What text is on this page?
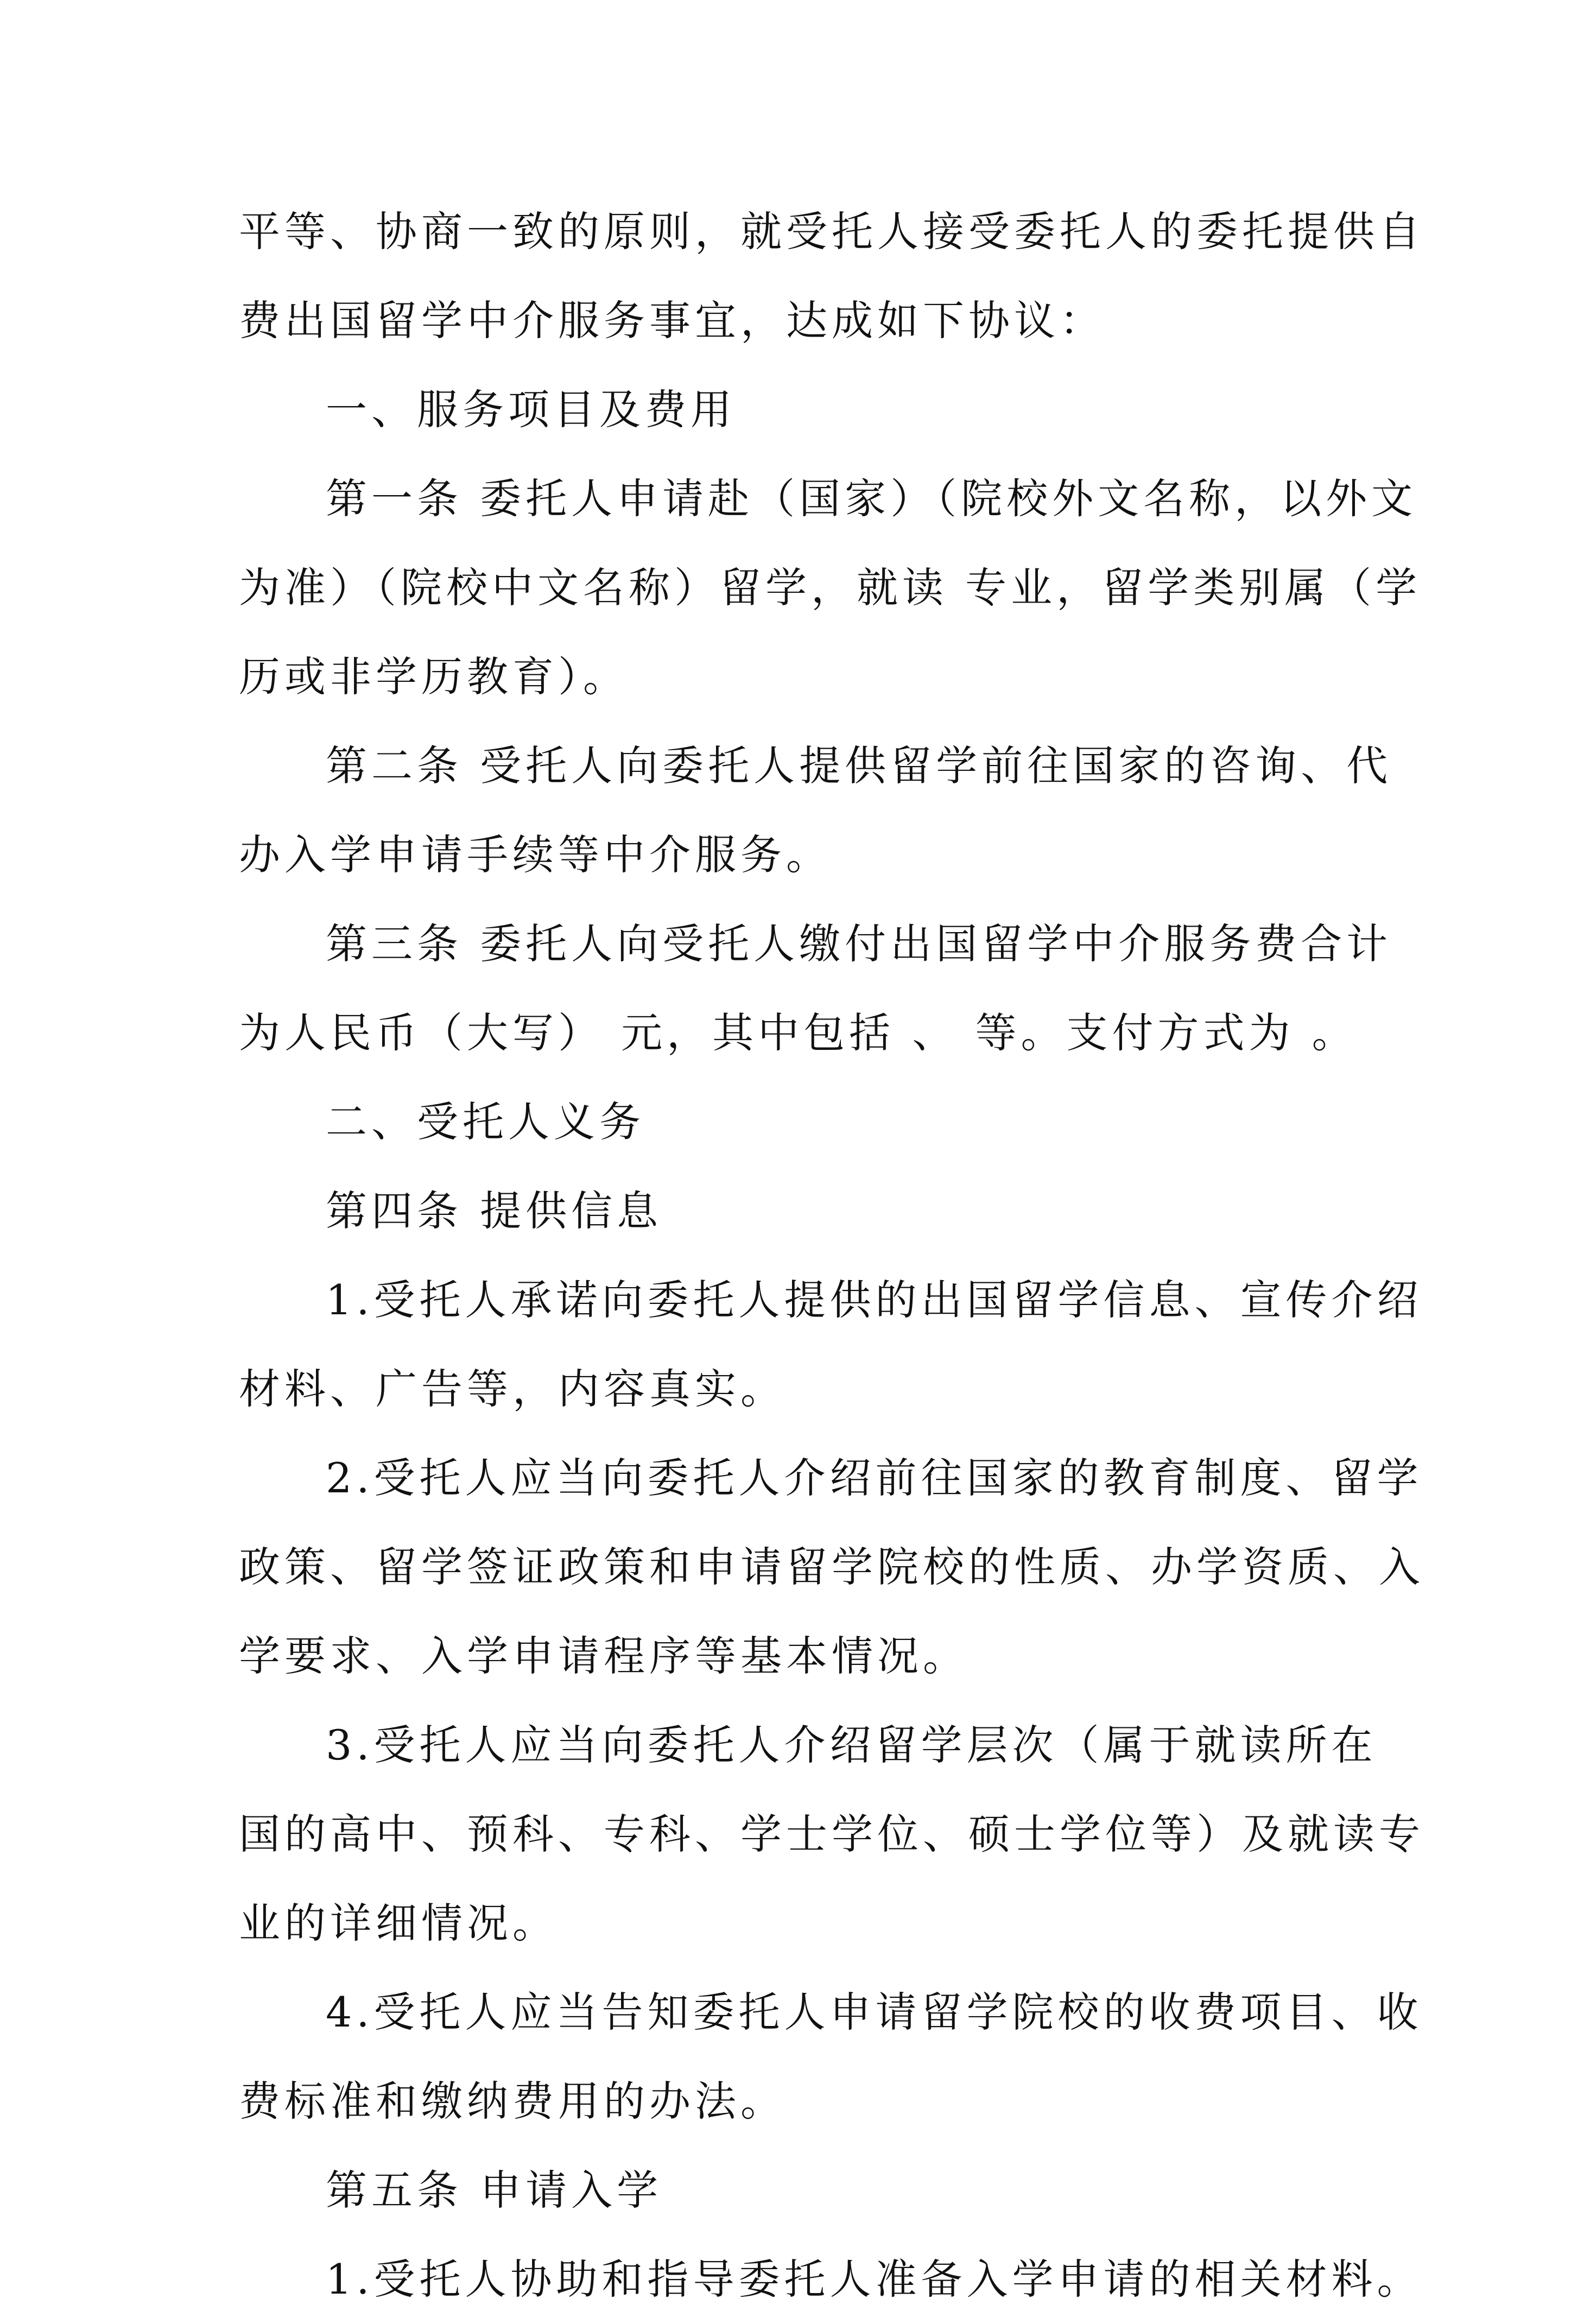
平等、协商一致的原则，就受托人接受委托人的委托提供自
费出国留学中介服务事宜，达成如下协议：
一、服务项目及费用
第一条 委托人申请赴（国家）（院校外文名称，以外文
为准）（院校中文名称）留学，就读 专业，留学类别属（学
历或非学历教育）。
第二条 受托人向委托人提供留学前往国家的咨询、代
办入学申请手续等中介服务。
第三条 委托人向受托人缴付出国留学中介服务费合计
为人民币（大写） 元，其中包括 、 等。支付方式为 。
二、受托人义务
第四条 提供信息
1.受托人承诺向委托人提供的出国留学信息、宣传介绍
材料、广告等，内容真实。
2.受托人应当向委托人介绍前往国家的教育制度、留学
政策、留学签证政策和申请留学院校的性质、办学资质、入
学要求、入学申请程序等基本情况。
3.受托人应当向委托人介绍留学层次（属于就读所在
国的高中、预科、专科、学士学位、硕士学位等）及就读专
业的详细情况。
4.受托人应当告知委托人申请留学院校的收费项目、收
费标准和缴纳费用的办法。
第五条 申请入学
1.受托人协助和指导委托人准备入学申请的相关材料。
